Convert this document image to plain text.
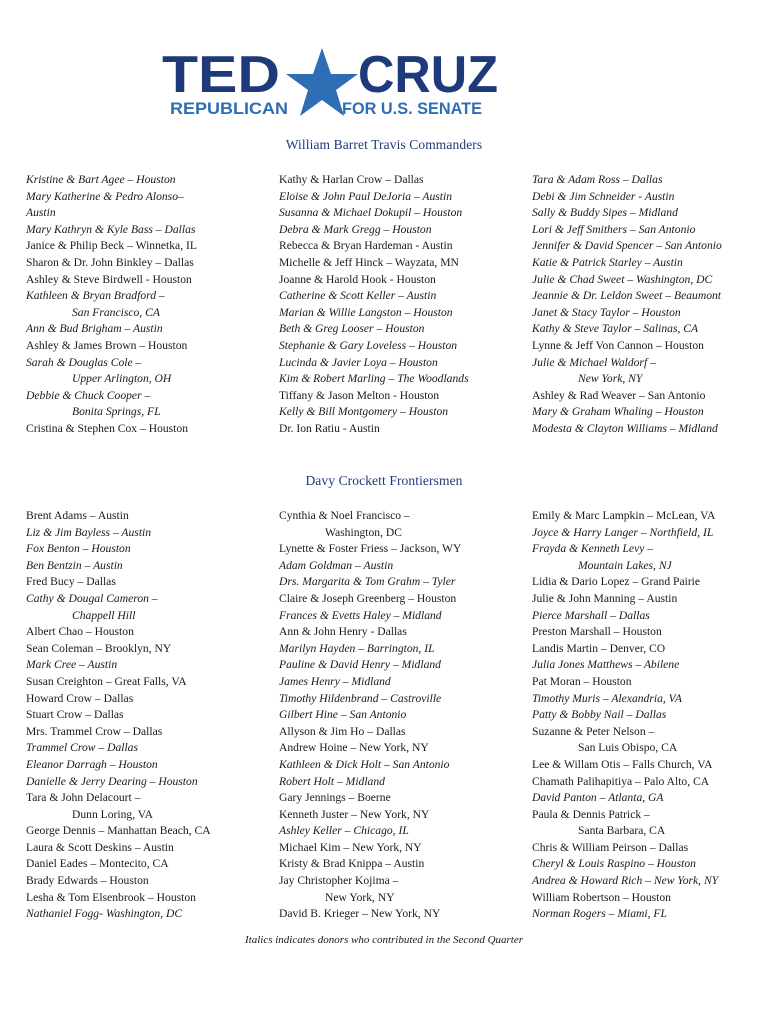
TED CRUZ
REPUBLICAN	FOR U.S. SENATE
William Barret Travis Commanders
Kristine & Bart Agee – Houston
Mary Katherine & Pedro Alonso–
Austin
Mary Kathryn & Kyle Bass – Dallas
Janice & Philip Beck – Winnetka, IL
Sharon & Dr. John Binkley – Dallas
Ashley & Steve Birdwell - Houston
Kathleen & Bryan Bradford –
San Francisco, CA
Ann & Bud Brigham – Austin
Ashley & James Brown – Houston
Sarah & Douglas Cole –
Upper Arlington, OH
Debbie & Chuck Cooper –
Bonita Springs, FL
Cristina & Stephen Cox – Houston
Kathy & Harlan Crow – Dallas
Eloise & John Paul DeJoria – Austin
Susanna & Michael Dokupil – Houston
Debra & Mark Gregg – Houston
Rebecca & Bryan Hardeman - Austin
Michelle & Jeff Hinck – Wayzata, MN
Joanne & Harold Hook - Houston
Catherine & Scott Keller – Austin
Marian & Willie Langston – Houston
Beth & Greg Looser – Houston
Stephanie & Gary Loveless – Houston
Lucinda & Javier Loya – Houston
Kim & Robert Marling – The Woodlands
Tiffany & Jason Melton - Houston
Kelly & Bill Montgomery – Houston
Dr. Ion Ratiu - Austin
Tara & Adam Ross – Dallas
Debi & Jim Schneider - Austin
Sally & Buddy Sipes – Midland
Lori & Jeff Smithers – San Antonio
Jennifer & David Spencer – San Antonio
Katie & Patrick Starley – Austin
Julie & Chad Sweet – Washington, DC
Jeannie & Dr. Leldon Sweet – Beaumont
Janet & Stacy Taylor – Houston
Kathy & Steve Taylor – Salinas, CA
Lynne & Jeff Von Cannon – Houston
Julie & Michael Waldorf –
New York, NY
Ashley & Rad Weaver – San Antonio
Mary & Graham Whaling – Houston
Modesta & Clayton Williams – Midland
Davy Crockett Frontiersmen
Brent Adams – Austin
Liz & Jim Bayless – Austin
Fox Benton – Houston
Ben Bentzin – Austin
Fred Bucy – Dallas
Cathy & Dougal Cameron –
Chappell Hill
Albert Chao – Houston
Sean Coleman – Brooklyn, NY
Mark Cree – Austin
Susan Creighton – Great Falls, VA
Howard Crow – Dallas
Stuart Crow – Dallas
Mrs. Trammel Crow – Dallas
Trammel Crow – Dallas
Eleanor Darragh – Houston
Danielle & Jerry Dearing – Houston
Tara & John Delacourt –
Dunn Loring, VA
George Dennis – Manhattan Beach, CA
Laura & Scott Deskins – Austin
Daniel Eades – Montecito, CA
Brady Edwards – Houston
Lesha & Tom Elsenbrook – Houston
Nathaniel Fogg- Washington, DC
Cynthia & Noel Francisco –
Washington, DC
Lynette & Foster Friess – Jackson, WY
Adam Goldman – Austin
Drs. Margarita & Tom Grahm – Tyler
Claire & Joseph Greenberg – Houston
Frances & Evetts Haley – Midland
Ann & John Henry - Dallas
Marilyn Hayden – Barrington, IL
Pauline & David Henry – Midland
James Henry – Midland
Timothy Hildenbrand – Castroville
Gilbert Hine – San Antonio
Allyson & Jim Ho – Dallas
Andrew Hoine – New York, NY
Kathleen & Dick Holt – San Antonio
Robert Holt – Midland
Gary Jennings – Boerne
Kenneth Juster – New York, NY
Ashley Keller – Chicago, IL
Michael Kim – New York, NY
Kristy & Brad Knippa – Austin
Jay Christopher Kojima –
New York, NY
David B. Krieger – New York, NY
Emily & Marc Lampkin – McLean, VA
Joyce & Harry Langer – Northfield, IL
Frayda & Kenneth Levy –
Mountain Lakes, NJ
Lidia & Dario Lopez – Grand Pairie
Julie & John Manning – Austin
Pierce Marshall – Dallas
Preston Marshall – Houston
Landis Martin – Denver, CO
Julia Jones Matthews – Abilene
Pat Moran – Houston
Timothy Muris – Alexandria, VA
Patty & Bobby Nail – Dallas
Suzanne & Peter Nelson –
San Luis Obispo, CA
Lee & Willam Otis – Falls Church, VA
Chamath Palihapitiya – Palo Alto, CA
David Panton – Atlanta, GA
Paula & Dennis Patrick –
Santa Barbara, CA
Chris & William Peirson – Dallas
Cheryl & Louis Raspino – Houston
Andrea & Howard Rich – New York, NY
William Robertson – Houston
Norman Rogers – Miami, FL
Italics indicates donors who contributed in the Second Quarter
